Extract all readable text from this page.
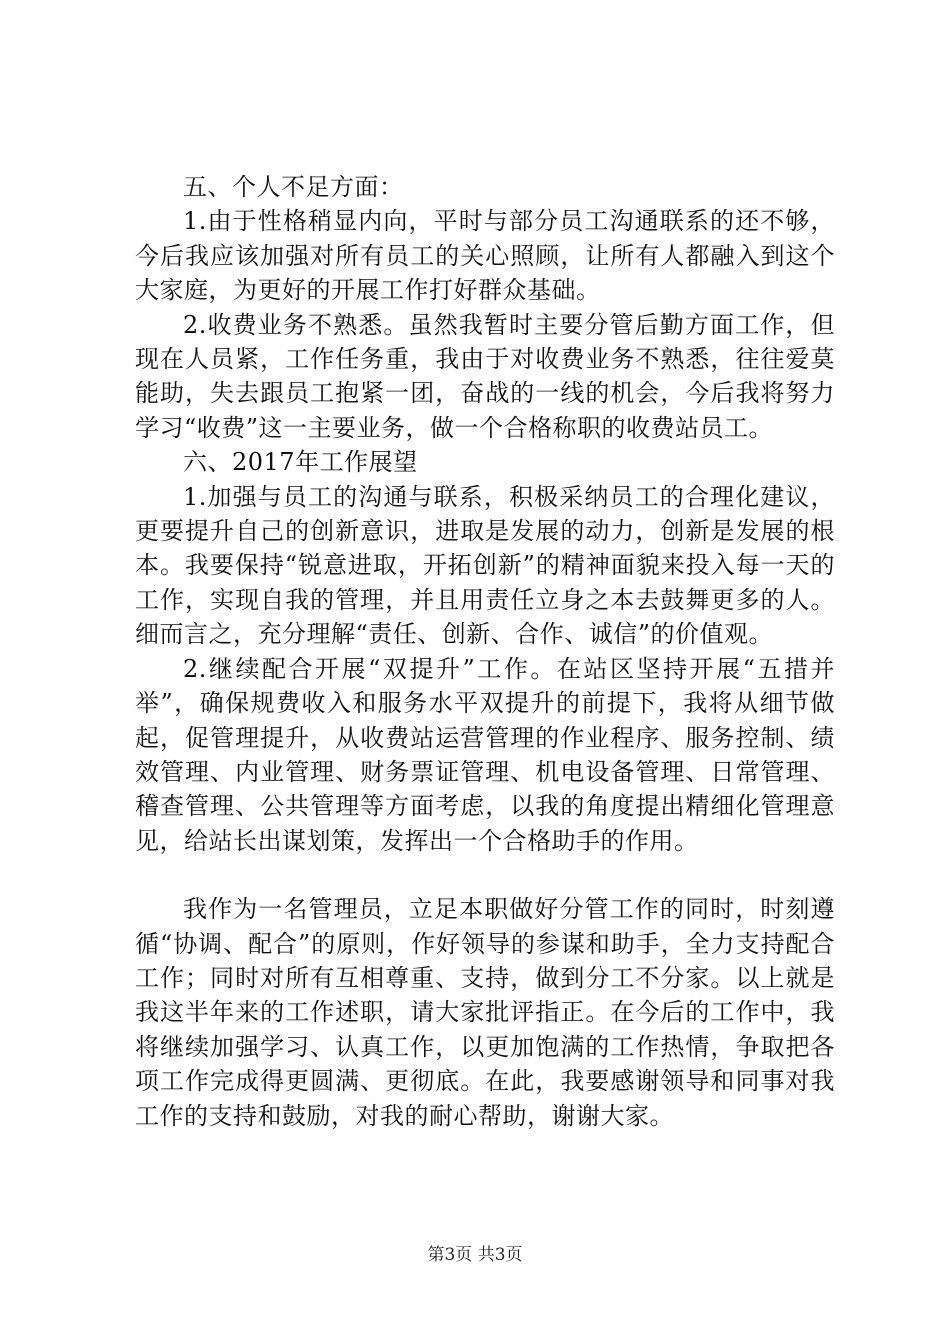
五、个人不足方面：

1.由于性格稍显内向，平时与部分员工沟通联系的还不够，今后我应该加强对所有员工的关心照顾，让所有人都融入到这个大家庭，为更好的开展工作打好群众基础。

2.收费业务不熟悉。虽然我暂时主要分管后勤方面工作，但现在人员紧，工作任务重，我由于对收费业务不熟悉，往往爱莫能助，失去跟员工抱紧一团，奋战的一线的机会，今后我将努力学习“收费”这一主要业务，做一个合格称职的收费站员工。

六、2017年工作展望

1.加强与员工的沟通与联系，积极采纳员工的合理化建议，更要提升自己的创新意识，进取是发展的动力，创新是发展的根本。我要保持“锐意进取，开拓创新”的精神面貌来投入每一天的工作，实现自我的管理，并且用责任立身之本去鼓舞更多的人。细而言之，充分理解“责任、创新、合作、诚信”的价值观。

2.继续配合开展“双提升”工作。在站区坚持开展“五措并举”，确保规费收入和服务水平双提升的前提下，我将从细节做起，促管理提升，从收费站运营管理的作业程序、服务控制、绩效管理、内业管理、财务票证管理、机电设备管理、日常管理、稽查管理、公共管理等方面考虑，以我的角度提出精细化管理意见，给站长出谋划策，发挥出一个合格助手的作用。

我作为一名管理员，立足本职做好分管工作的同时，时刻遵循“协调、配合”的原则，作好领导的参谋和助手，全力支持配合工作；同时对所有互相尊重、支持，做到分工不分家。以上就是我这半年来的工作述职，请大家批评指正。在今后的工作中，我将继续加强学习、认真工作，以更加饱满的工作热情，争取把各项工作完成得更圆满、更彻底。在此，我要感谢领导和同事对我工作的支持和鼓励，对我的耐心帮助，谢谢大家。

第3页 共3页
